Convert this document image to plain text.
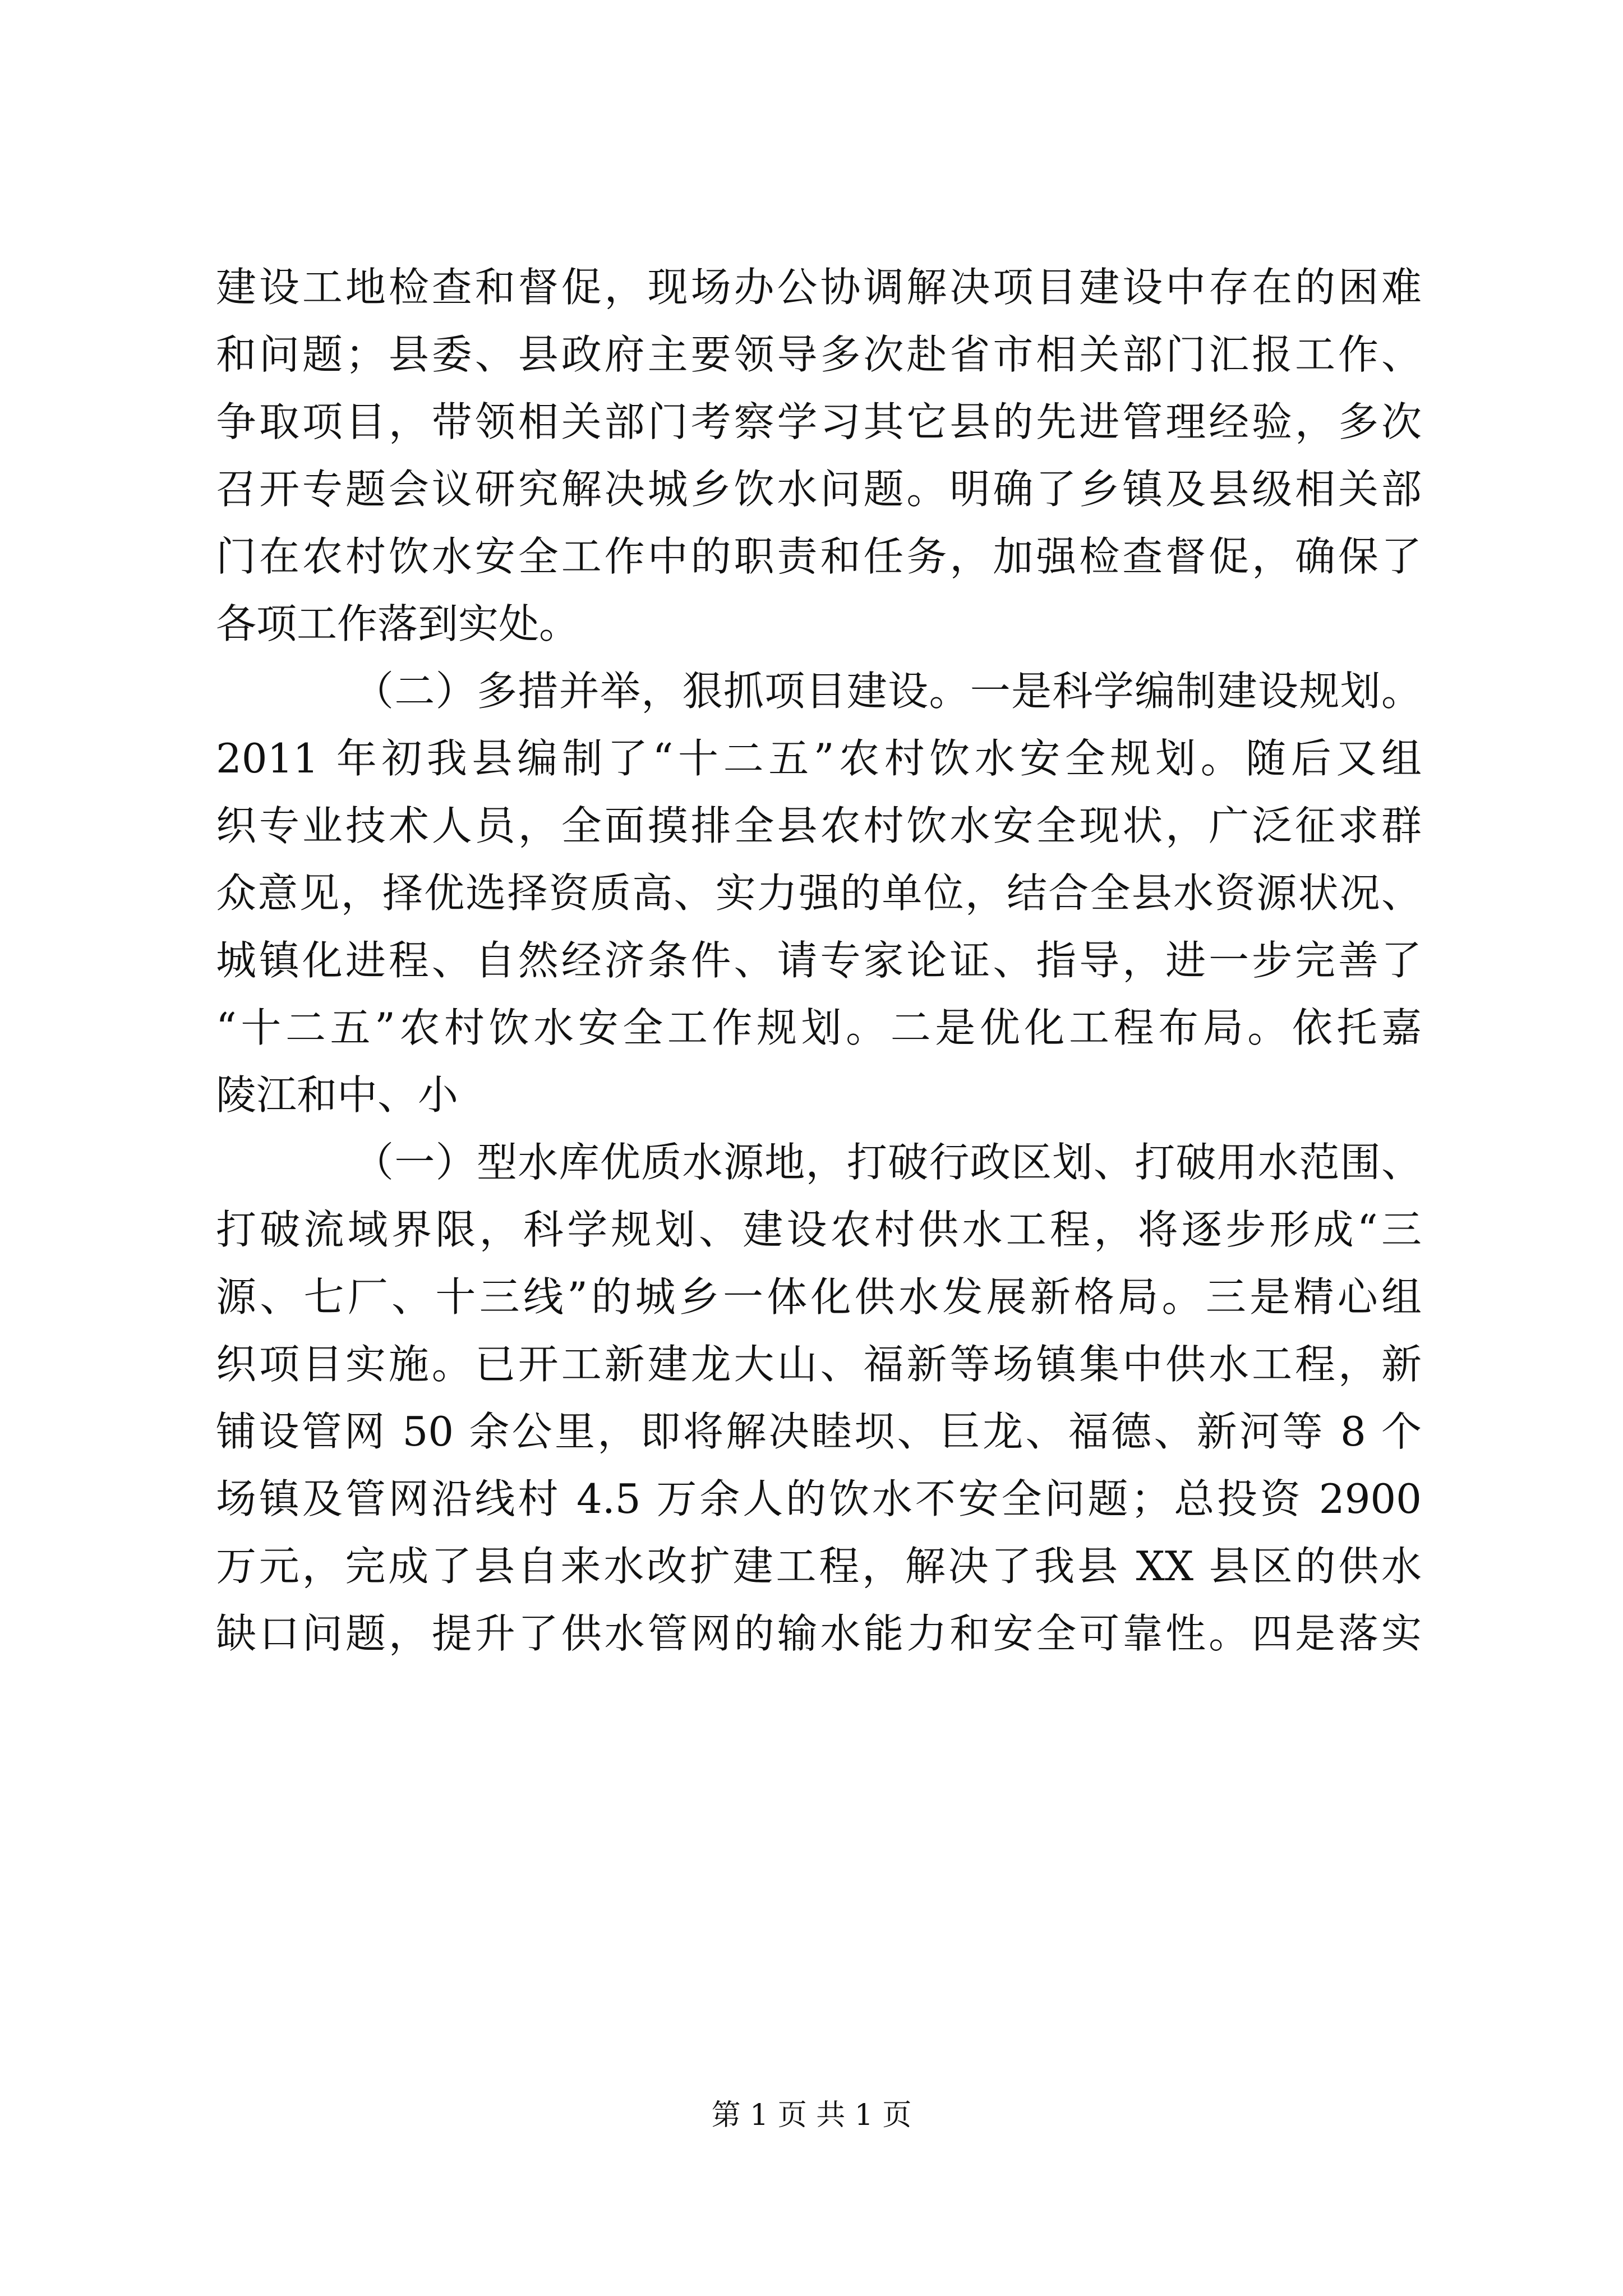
建设工地检查和督促，现场办公协调解决项目建设中存在的困难
和问题；县委、县政府主要领导多次赴省市相关部门汇报工作、
争取项目，带领相关部门考察学习其它县的先进管理经验，多次
召开专题会议研究解决城乡饮水问题。明确了乡镇及县级相关部
门在农村饮水安全工作中的职责和任务，加强检查督促，确保了
各项工作落到实处。
（二）多措并举，狠抓项目建设。一是科学编制建设规划。
2011 年初我县编制了“十二五”农村饮水安全规划。随后又组
织专业技术人员，全面摸排全县农村饮水安全现状，广泛征求群
众意见，择优选择资质高、实力强的单位，结合全县水资源状况、
城镇化进程、自然经济条件、请专家论证、指导，进一步完善了
“十二五”农村饮水安全工作规划。二是优化工程布局。依托嘉
陵江和中、小
（一）型水库优质水源地，打破行政区划、打破用水范围、
打破流域界限，科学规划、建设农村供水工程，将逐步形成“三
源、七厂、十三线”的城乡一体化供水发展新格局。三是精心组
织项目实施。已开工新建龙大山、福新等场镇集中供水工程，新
铺设管网 50 余公里，即将解决睦坝、巨龙、福德、新河等 8 个
场镇及管网沿线村 4.5 万余人的饮水不安全问题；总投资 2900
万元，完成了县自来水改扩建工程，解决了我县 XX 县区的供水
缺口问题，提升了供水管网的输水能力和安全可靠性。四是落实
第 1 页 共 1 页
